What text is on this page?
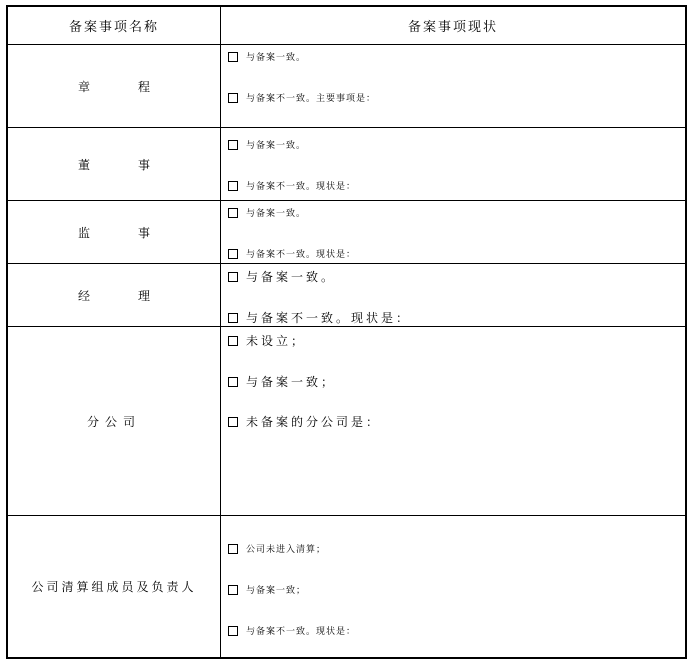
备案事项名称	备案事项现状
章　程
与备案一致。
与备案不一致。主要事项是：
董　事
与备案一致。
与备案不一致。现状是：
监　事
与备案一致。
与备案不一致。现状是：
经　理
与备案一致。
与备案不一致。现状是：
分公司
未设立；
与备案一致；
未备案的分公司是：
公司清算组成员及负责人
公司未进入清算；
与备案一致；
与备案不一致。现状是：
